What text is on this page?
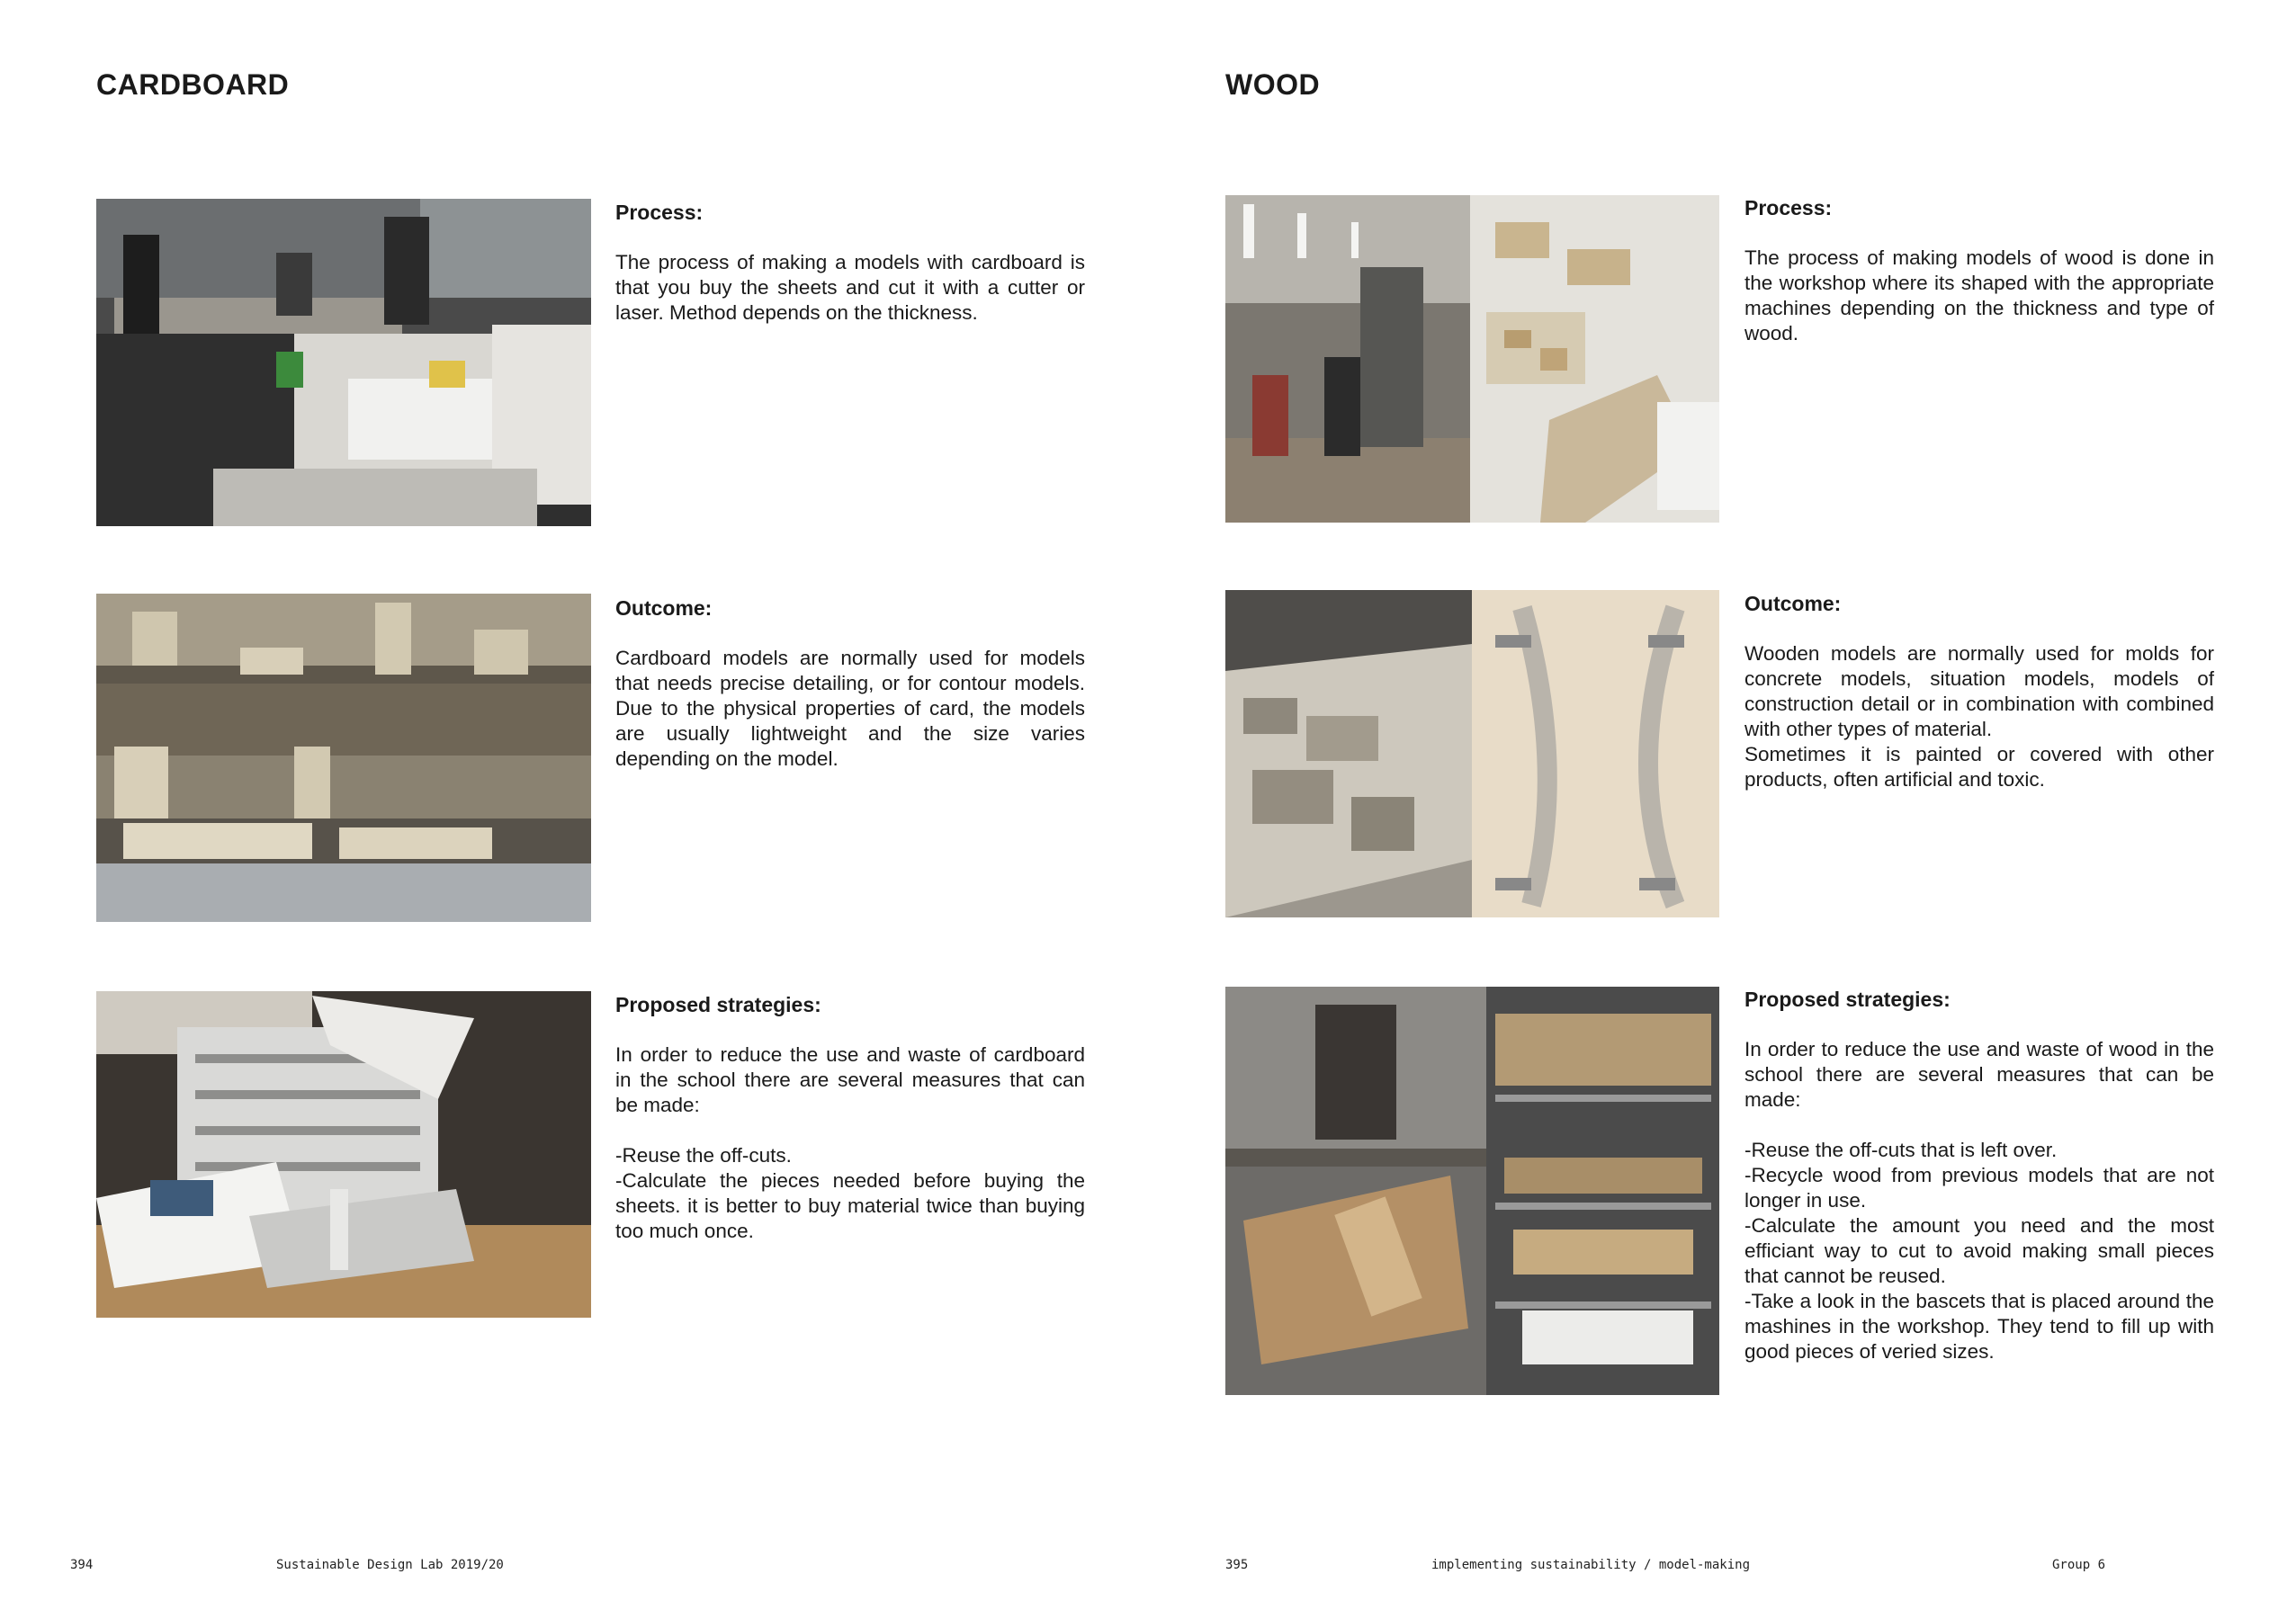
CARDBOARD
Process:

The process of making a models with cardboard is that you buy the sheets and cut it with a cutter or laser. Method depends on the thickness.

Outcome:

Cardboard models are normally used for models that needs precise detailing, or for contour models. Due to the physical properties of card, the models are usually lightweight and the size varies depending on the model.

Proposed strategies:

In order to reduce the use and waste of cardboard in the school there are several measures that can be made:

-Reuse the off-cuts.
-Calculate the pieces needed before buying the sheets. it is better to buy material twice than buying too much once.

394	Sustainable Design Lab 2019/20
WOOD
Process:

The process of making models of wood is done in the workshop where its shaped with the appropriate machines depending on the thickness and type of wood.

Outcome:

Wooden models are normally used for molds for concrete models, situation models, models of construction detail or in combination with combined with other types of material.
Sometimes it is painted or covered with other products, often artificial and toxic.

Proposed strategies:

In order to reduce the use and waste of wood in the school there are several measures that can be made:

-Reuse the off-cuts that is left over.
-Recycle wood from previous models that are not longer in use.
-Calculate the amount you need and the most efficiant way to cut to avoid making small pieces that cannot be reused.
-Take a look in the bascets that is placed around the mashines in the workshop. They tend to fill up with good pieces of veried sizes.

395	implementing sustainability / model-making	Group 6
